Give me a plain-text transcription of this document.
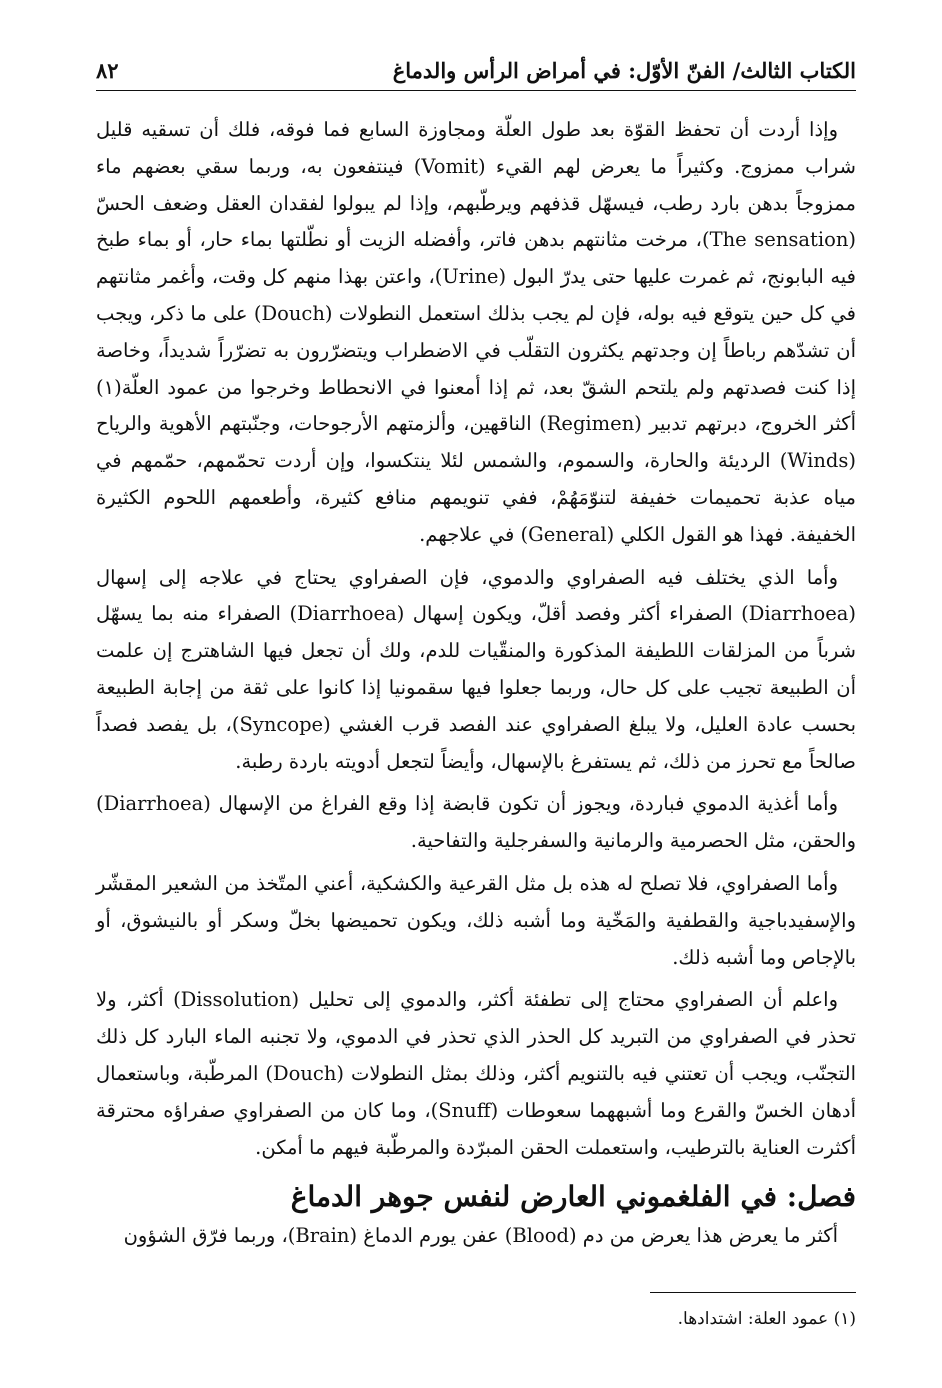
الكتاب الثالث/ الفنّ الأوّل: في أمراض الرأس والدماغ
٨٢

وإذا أردت أن تحفظ القوّة بعد طول العلّة ومجاوزة السابع فما فوقه، فلك أن تسقيه قليل شراب ممزوج. وكثيراً ما يعرض لهم القيء (Vomit) فينتفعون به، وربما سقي بعضهم ماء ممزوجاً بدهن بارد رطب، فيسهّل قذفهم ويرطّبهم، وإذا لم يبولوا لفقدان العقل وضعف الحسّ (The sensation)، مرخت مثانتهم بدهن فاتر، وأفضله الزيت أو نطّلتها بماء حار، أو بماء طبخ فيه البابونج، ثم غمرت عليها حتى يدرّ البول (Urine)، واعتن بهذا منهم كل وقت، وأغمر مثانتهم في كل حين يتوقع فيه بوله، فإن لم يجب بذلك استعمل النطولات (Douch) على ما ذكر، ويجب أن تشدّهم رباطاً إن وجدتهم يكثرون التقلّب في الاضطراب ويتضرّرون به تضرّراً شديداً، وخاصة إذا كنت فصدتهم ولم يلتحم الشقّ بعد، ثم إذا أمعنوا في الانحطاط وخرجوا من عمود العلّة(١) أكثر الخروج، دبرتهم تدبير (Regimen) الناقهين، وألزمتهم الأرجوحات، وجنّبتهم الأهوية والرياح (Winds) الرديئة والحارة، والسموم، والشمس لئلا ينتكسوا، وإن أردت تحمّمهم، حمّمهم في مياه عذبة تحميمات خفيفة لتنوّمَهُمْ، ففي تنويمهم منافع كثيرة، وأطعمهم اللحوم الكثيرة الخفيفة. فهذا هو القول الكلي (General) في علاجهم.

وأما الذي يختلف فيه الصفراوي والدموي، فإن الصفراوي يحتاج في علاجه إلى إسهال (Diarrhoea) الصفراء أكثر وفصد أقلّ، ويكون إسهال (Diarrhoea) الصفراء منه بما يسهّل شرباً من المزلقات اللطيفة المذكورة والمنقّيات للدم، ولك أن تجعل فيها الشاهترج إن علمت أن الطبيعة تجيب على كل حال، وربما جعلوا فيها سقمونيا إذا كانوا على ثقة من إجابة الطبيعة بحسب عادة العليل، ولا يبلغ الصفراوي عند الفصد قرب الغشي (Syncope)، بل يفصد فصداً صالحاً مع تحرز من ذلك، ثم يستفرغ بالإسهال، وأيضاً لتجعل أدويته باردة رطبة.

وأما أغذية الدموي فباردة، ويجوز أن تكون قابضة إذا وقع الفراغ من الإسهال (Diarrhoea) والحقن، مثل الحصرمية والرمانية والسفرجلية والتفاحية.

وأما الصفراوي، فلا تصلح له هذه بل مثل القرعية والكشكية، أعني المتّخذ من الشعير المقشّر والإسفيدباجية والقطفية والمَخّية وما أشبه ذلك، ويكون تحميضها بخلّ وسكر أو بالنيشوق، أو بالإجاص وما أشبه ذلك.

واعلم أن الصفراوي محتاج إلى تطفئة أكثر، والدموي إلى تحليل (Dissolution) أكثر، ولا تحذر في الصفراوي من التبريد كل الحذر الذي تحذر في الدموي، ولا تجنبه الماء البارد كل ذلك التجنّب، ويجب أن تعتني فيه بالتنويم أكثر، وذلك بمثل النطولات (Douch) المرطّبة، وباستعمال أدهان الخسّ والقرع وما أشبههما سعوطات (Snuff)، وما كان من الصفراوي صفراؤه محترقة أكثرت العناية بالترطيب، واستعملت الحقن المبرّدة والمرطّبة فيهم ما أمكن.

فصل: في الفلغموني العارض لنفس جوهر الدماغ

أكثر ما يعرض هذا يعرض من دم (Blood) عفن يورم الدماغ (Brain)، وربما فرّق الشؤون

(١) عمود العلة: اشتدادها.
